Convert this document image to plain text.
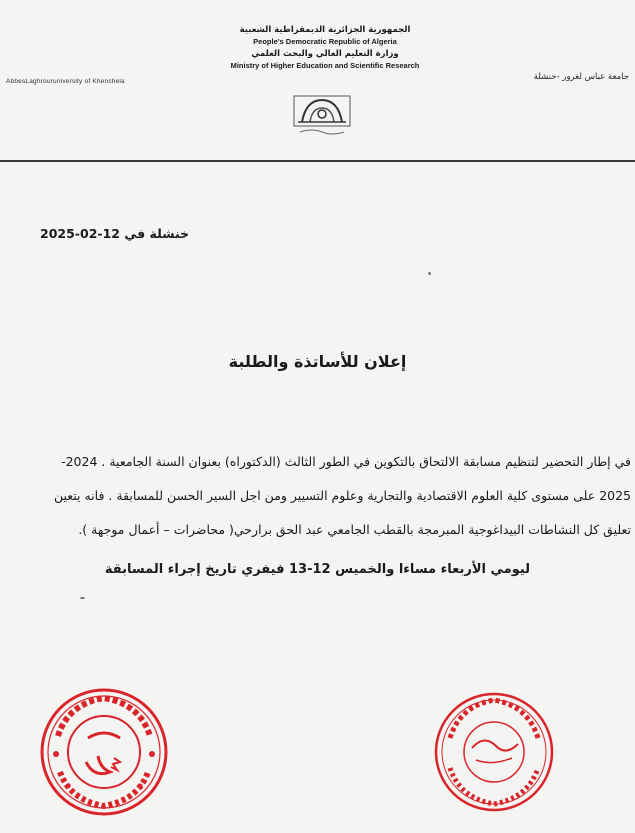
الجمهورية الجزائرية الديمقراطية الشعبية
People's Democratic Republic of Algeria
وزارة التعليم العالي والبحث العلمي
Ministry of Higher Education and Scientific Research
AbbesLaghrouruniversity of Khenchela	جامعة عباس لغرور -خنشلة
خنشلة في 12-02-2025
إعلان للأساتذة والطلبة
في إطار التحضير لتنظيم مسابقة الالتحاق بالتكوين في الطور الثالث (الدكتوراه) بعنوان السنة الجامعية . 2024-
2025 على مستوى كلية العلوم الاقتصادية والتجارية وعلوم التسيير ومن اجل السير الحسن للمسابقة . فانه يتعين
تعليق كل النشاطات البيداغوجية المبرمجة بالقطب الجامعي عبد الحق برارحي( محاضرات – أعمال موجهة ).
ليومي الأربعاء مساءا والخميس 12-13 فيفري تاريخ إجراء المسابقة
